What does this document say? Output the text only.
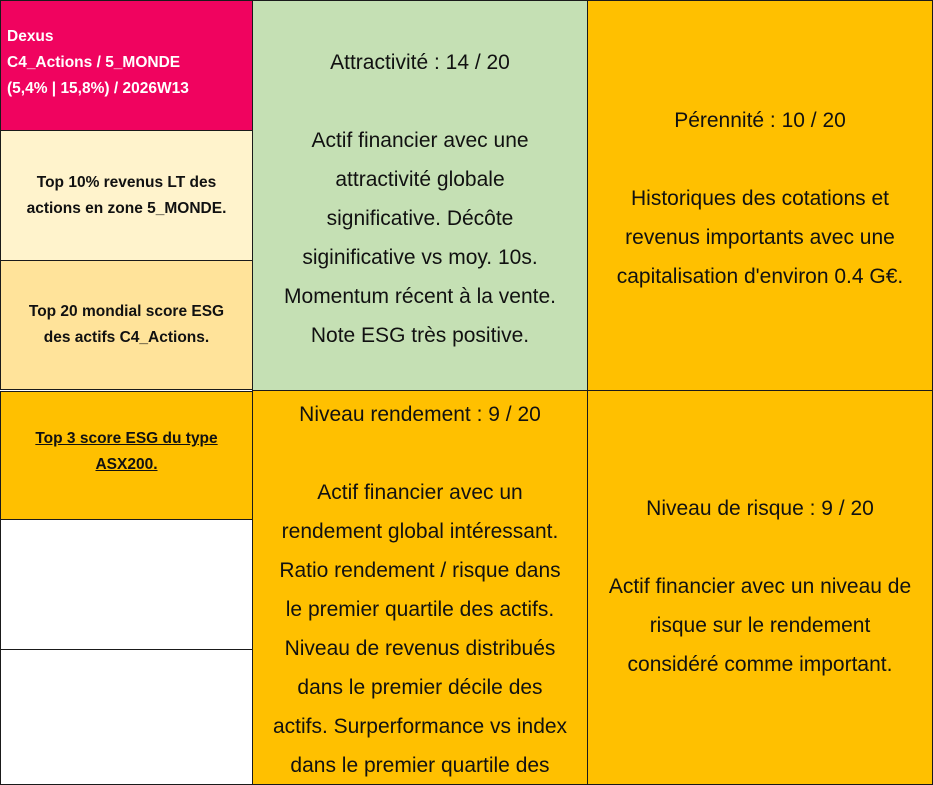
Dexus
C4_Actions / 5_MONDE
(5,4% | 15,8%) / 2026W13
Top 10% revenus LT des
actions en zone 5_MONDE.
Top 20 mondial score ESG
des actifs C4_Actions.
Top 3 score ESG du type
ASX200.
Attractivité : 14 / 20
Actif financier avec une
attractivité globale
significative. Décôte
siginificative vs moy. 10s.
Momentum récent à la vente.
Note ESG très positive.
Niveau rendement : 9 / 20
Actif financier avec un
rendement global intéressant.
Ratio rendement / risque dans
le premier quartile des actifs.
Niveau de revenus distribués
dans le premier décile des
actifs. Surperformance vs index
dans le premier quartile des
Pérennité : 10 / 20
Historiques des cotations et
revenus importants avec une
capitalisation d'environ 0.4 G€.
Niveau de risque : 9 / 20
Actif financier avec un niveau de
risque sur le rendement
considéré comme important.
